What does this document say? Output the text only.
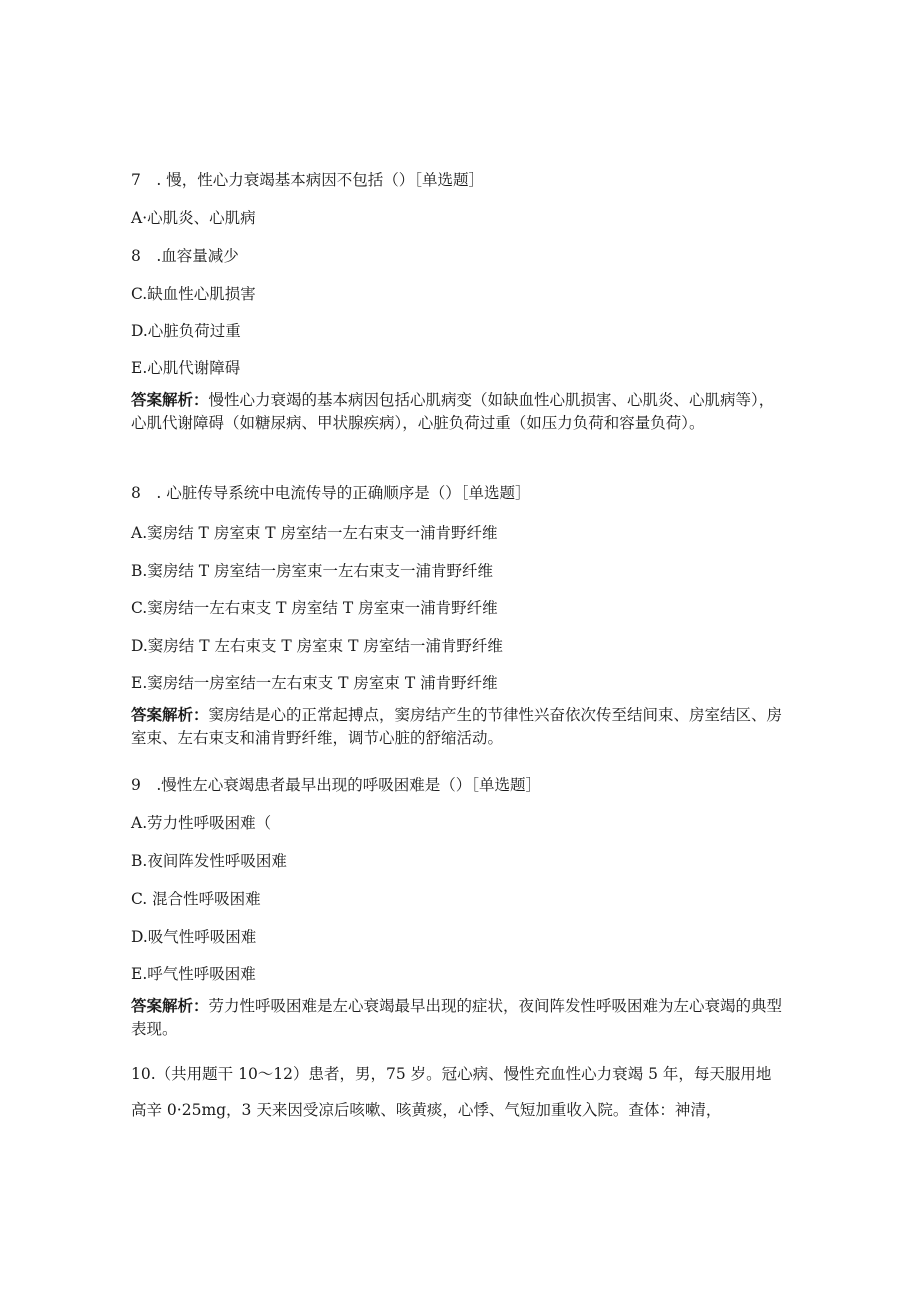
7　. 慢，性心力衰竭基本病因不包括（）［单选题］
A·心肌炎、心肌病
8　.血容量减少
C.缺血性心肌损害
D.心脏负荷过重
E.心肌代谢障碍
答案解析：慢性心力衰竭的基本病因包括心肌病变（如缺血性心肌损害、心肌炎、心肌病等），心肌代谢障碍（如糖尿病、甲状腺疾病），心脏负荷过重（如压力负荷和容量负荷）。
8　. 心脏传导系统中电流传导的正确顺序是（）［单选题］
A.窦房结 T 房室束 T 房室结一左右束支一浦肯野纤维
B.窦房结 T 房室结一房室束一左右束支一浦肯野纤维
C.窦房结一左右束支 T 房室结 T 房室束一浦肯野纤维
D.窦房结 T 左右束支 T 房室束 T 房室结一浦肯野纤维
E.窦房结一房室结一左右束支 T 房室束 T 浦肯野纤维
答案解析：窦房结是心的正常起搏点，窦房结产生的节律性兴奋依次传至结间束、房室结区、房室束、左右束支和浦肯野纤维，调节心脏的舒缩活动。
9　.慢性左心衰竭患者最早出现的呼吸困难是（）［单选题］
A.劳力性呼吸困难（
B.夜间阵发性呼吸困难
C. 混合性呼吸困难
D.吸气性呼吸困难
E.呼气性呼吸困难
答案解析：劳力性呼吸困难是左心衰竭最早出现的症状，夜间阵发性呼吸困难为左心衰竭的典型表现。
10.（共用题干 10～12）患者，男，75 岁。冠心病、慢性充血性心力衰竭 5 年，每天服用地高辛 0·25mg，3 天来因受凉后咳嗽、咳黄痰，心悸、气短加重收入院。查体：神清，
